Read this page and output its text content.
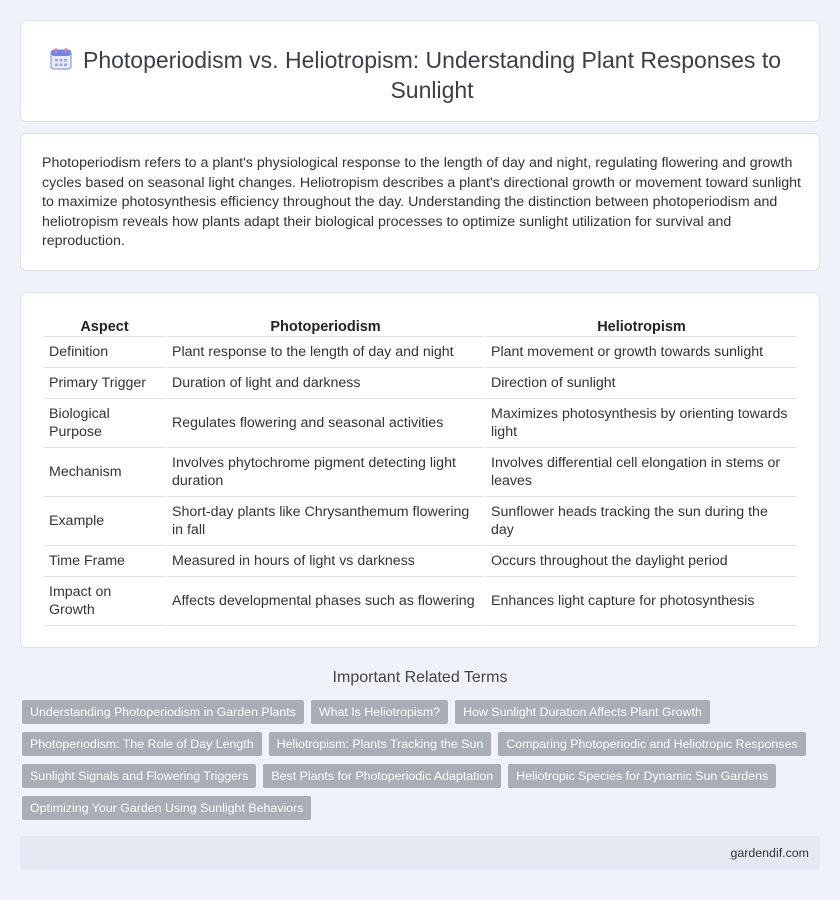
Photoperiodism vs. Heliotropism: Understanding Plant Responses to Sunlight

Photoperiodism refers to a plant's physiological response to the length of day and night, regulating flowering and growth cycles based on seasonal light changes. Heliotropism describes a plant's directional growth or movement toward sunlight to maximize photosynthesis efficiency throughout the day. Understanding the distinction between photoperiodism and heliotropism reveals how plants adapt their biological processes to optimize sunlight utilization for survival and reproduction.

Aspect	Photoperiodism	Heliotropism
Definition	Plant response to the length of day and night	Plant movement or growth towards sunlight
Primary Trigger	Duration of light and darkness	Direction of sunlight
Biological Purpose	Regulates flowering and seasonal activities	Maximizes photosynthesis by orienting towards light
Mechanism	Involves phytochrome pigment detecting light duration	Involves differential cell elongation in stems or leaves
Example	Short-day plants like Chrysanthemum flowering in fall	Sunflower heads tracking the sun during the day
Time Frame	Measured in hours of light vs darkness	Occurs throughout the daylight period
Impact on Growth	Affects developmental phases such as flowering	Enhances light capture for photosynthesis
Important Related Terms
Understanding Photoperiodism in Garden Plants	What Is Heliotropism?	How Sunlight Duration Affects Plant Growth
Photoperiodism: The Role of Day Length	Heliotropism: Plants Tracking the Sun	Comparing Photoperiodic and Heliotropic Responses
Sunlight Signals and Flowering Triggers	Best Plants for Photoperiodic Adaptation	Heliotropic Species for Dynamic Sun Gardens
Optimizing Your Garden Using Sunlight Behaviors
gardendif.com
